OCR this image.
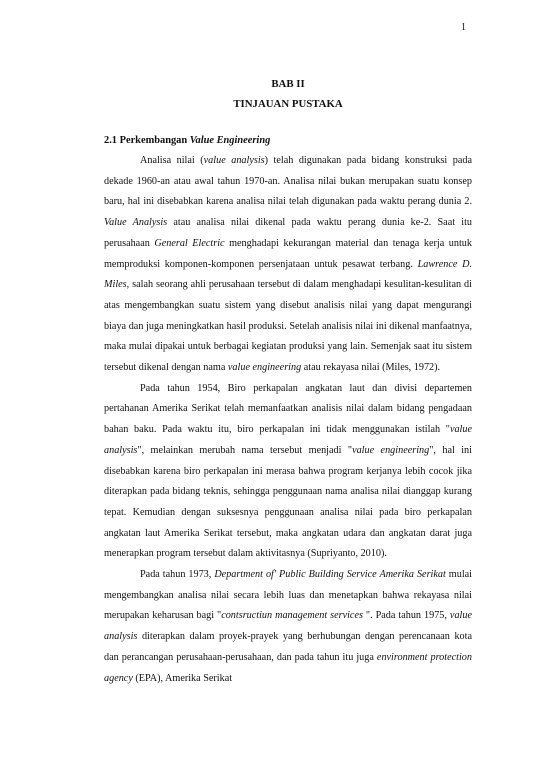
1
BAB II
TINJAUAN PUSTAKA
2.1 Perkembangan Value Engineering

Analisa nilai (value analysis) telah digunakan pada bidang konstruksi pada dekade 1960-an atau awal tahun 1970-an. Analisa nilai bukan merupakan suatu konsep baru, hal ini disebabkan karena analisa nilai telah digunakan pada waktu perang dunia 2. Value Analysis atau analisa nilai dikenal pada waktu perang dunia ke-2. Saat itu perusahaan General Electric menghadapi kekurangan material dan tenaga kerja untuk memproduksi komponen-komponen persenjataan untuk pesawat terbang. Lawrence D. Miles, salah seorang ahli perusahaan tersebut di dalam menghadapi kesulitan-kesulitan di atas mengembangkan suatu sistem yang disebut analisis nilai yang dapat mengurangi biaya dan juga meningkatkan hasil produksi. Setelah analisis nilai ini dikenal manfaatnya, maka mulai dipakai untuk berbagai kegiatan produksi yang lain. Semenjak saat itu sistem tersebut dikenal dengan nama value engineering atau rekayasa nilai (Miles, 1972).

Pada tahun 1954, Biro perkapalan angkatan laut dan divisi departemen pertahanan Amerika Serikat telah memanfaatkan analisis nilai dalam bidang pengadaan bahan baku. Pada waktu itu, biro perkapalan ini tidak menggunakan istilah "value analysis", melainkan merubah nama tersebut menjadi "value engineering", hal ini disebabkan karena biro perkapalan ini merasa bahwa program kerjanya lebih cocok jika diterapkan pada bidang teknis, sehingga penggunaan nama analisa nilai dianggap kurang tepat. Kemudian dengan suksesnya penggunaan analisa nilai pada biro perkapalan angkatan laut Amerika Serikat tersebut, maka angkatan udara dan angkatan darat juga menerapkan program tersebut dalam aktivitasnya (Supriyanto, 2010).

Pada tahun 1973, Department of' Public Building Service Amerika Serikat mulai mengembangkan analisa nilai secara lebih luas dan menetapkan bahwa rekayasa nilai merupakan keharusan bagi "contsructiun management services ". Pada tahun 1975, value analysis diterapkan dalam proyek-prayek yang berhubungan dengan perencanaan kota dan perancangan perusahaan-perusahaan, dan pada tahun itu juga environment protection agency (EPA), Amerika Serikat
